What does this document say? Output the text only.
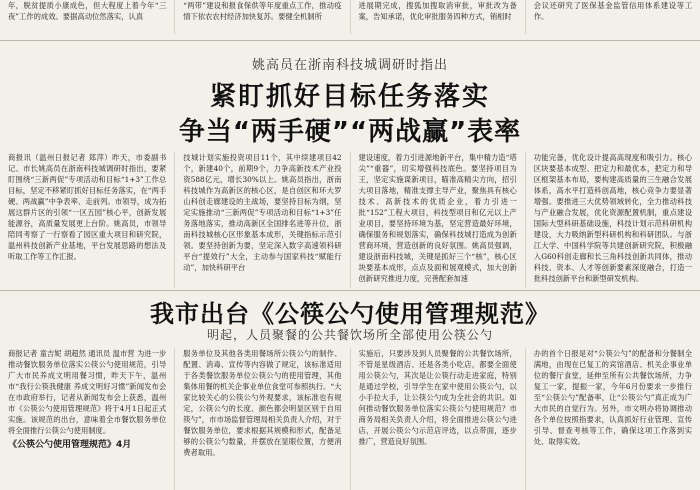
年，脱贫提质小康成色，但大程度上着今年“三夜”工作的成效。要据高动位然落实，认真

“两带”建设和报食保供等年度重点工作，推动疫情下依农农村经济加快复苏。要健全机制所

进展期完成，搜狐加搜取消审批，审批改为备案，告知承诺，优化审批服务四种方式，销相时

会议还研究了医保基金监管信用体系建设等工作。

姚高员在浙南科技城调研时指出
紧盯抓好目标任务落实
争当“两手硬”“两战赢”表率

商报讯（温州日报记者 郑萍）昨天，市委副书记、市长姚高员在浙南科技城调研时指出，要紧盯围绕“三新两促”专项活动和目标“1+3”工作总目标，坚定不移紧盯抓好目标任务落实，在“两手硬、两战赢”中争表率、走前列。市领导，成为拓展这群片区的引领“一区五园”核心平，创新发展能源谷，高质量发展更上台阶。姚高员，市领导陪同考察了一行察看了园区重大项目和研究院，温州科技创新产业基地，平台发展思路的想法及听取工作等工作汇报。

技城计划实施投资项目11个，其中续建项目42个，新建40个，前期9个，力争高新技术产业投资588亿元，增长30%以上。姚高员指出，浙南科技城作为高新区的核心区，是自创区和环大罗山科创走廊建设的主战场，要坚持目标为纲，坚定实施推动“三新两促”专项活动和目标“1+3”任务落地落实，推动高新区全国排名进等升位，浙南科技城核心区形象基本成形，关键指标示范引领。要坚持创新为要，坚定深入数字高速领科研平台“提效行”大全，主动参与国家科技“赋能行动”，加快科研平台

建设速度，着力引进源地新平台，集中精力造“塔尖”“重器”，切实增强科技底色。要坚持项目为王，坚定实施谋新项目，瞄准高精尖方向，招引大项目落地，精准支撑主导产业，聚焦具有核心技术、高新技术的优质企业，着力引进一批“152”工程大项目，科技型项目和亿元以上产业项目，要坚持环境为基，坚定营造最好环境，确保服务和规划落实，确保科技城打造成为创新营商环境，营造创新的良好氛围。姚高员强调，建设浙南科技城，关键是抓好三个“核”，核心区块要基本成形，点点及面和展观模式，加大创新创新研究推进力度，完善配套加速

功能完备，优化设计提高高现度和吸引力。核心区块要基本成型、把定力和最优本，把定力和导区框架基本布局，要构建高质量的三生融合发展体系，高水平打造科创高地，核心竞争力要显著增强。要推进三大优势领域转化，全力推动科技与产业融合发展，优化资源配置机制，重点建设国际大型科研基础设施，科技计划示范科研机构建设，大力吸纳新型科研机构和科研团队。与浙江大学、中国科学院等共建创新研究院，积极融入G60科创走廊和长三角科技创新共同体，推动科技、资本、人才等创新要素深度融合，打造一批科技创新平台和新型研发机构。

我市出台《公筷公勺使用管理规范》
明起，人员聚餐的公共餐饮场所全部使用公筷公勺

商报记者 童吉妮 胡超然 通讯员 温市营 为进一步推动餐饮服务单位落实公筷公勺使用规范，引导广大市民养成文明用餐习惯，昨天下午，温州市“我行公筷我健康 养成文明好习惯”新闻发布会在市政府举行，记者从新闻发布会上获悉，温州市《公筷公勺使用管理规范》将于4月1日起正式实施。该规范的出台，意味着全市餐饮服务单位将全面推行公筷公勺使用制度。

《公筷公勺使用管理规范》4月

服务单位及其他各类用餐场所公筷公勺的制作、配置、消毒、宣传等内容做了规定，该标准适用于各类餐饮服务单位公筷公勺的使用管理，其他集体用餐的机关企事业单位食堂可参照执行。“大家比较关心的公筷公勺外观要求，该标准也有规定，公筷公勺的长度、颜色都会明显区别于自用筷勺”，市市场监督管理局相关负责人介绍，对于餐饮服务单位，要求根据其规模和形式，配备足够的公筷公勺数量，并摆放在显眼位置，方便消费者取用。

实施后，只要涉及到人员聚餐的公共餐饮场所，不管是星级酒店、还是各类小吃店，都要全面使用公筷公勺，其次是让公筷行动走进家庭，特别是通过学校，引导学生在家中使用公筷公勺，以小手拉大手，让公筷公勺成为全社会的共识。如何推动餐饮服务单位落实公筷公勺使用规范？市商务局相关负责人介绍，将全面推进公筷公勺进店，开展公筷公勺示范店评选，以点带面，逐步推广，营造良好氛围。

办的首个日报是对“公筷公勺”的配备和分餐制全满地，由现在已复工的宾馆酒店、机关企事业单位的餐厅食堂，延伸至所有公共餐饮场所，力争复工一家，提振一家，今年6月份要求一步推行至“公筷公勺”配备率，让“公筷公勺”真正成为广大市民的自觉行为。另外，市文明办将协调推动各个单位按照指要求，认真抓好行业管理、宣传引导、督查考核等工作，确保这项工作落到实处、取得实效。
